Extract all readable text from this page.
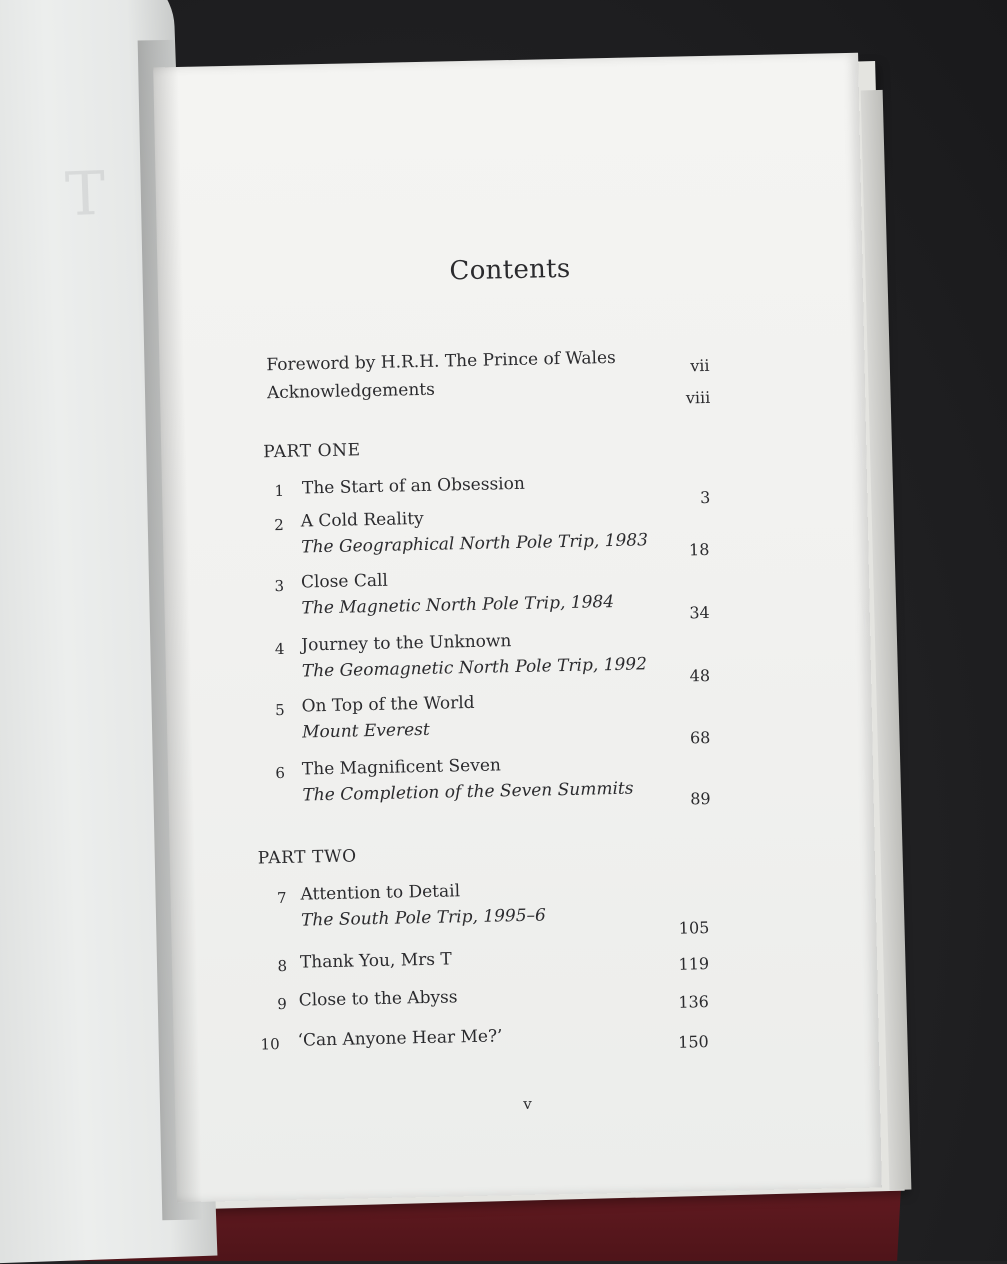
T
Contents
Foreword by H.R.H. The Prince of Wales	vii
Acknowledgements	viii
PART ONE
1 The Start of an Obsession	3
2 A Cold Reality
The Geographical North Pole Trip, 1983	18
3 Close Call
The Magnetic North Pole Trip, 1984	34
4 Journey to the Unknown
The Geomagnetic North Pole Trip, 1992	48
5 On Top of the World
Mount Everest	68
6 The Magnificent Seven
The Completion of the Seven Summits	89
PART TWO
7 Attention to Detail
The South Pole Trip, 1995–6	105
8 Thank You, Mrs T	119
9 Close to the Abyss	136
10 ‘Can Anyone Hear Me?’	150
v
